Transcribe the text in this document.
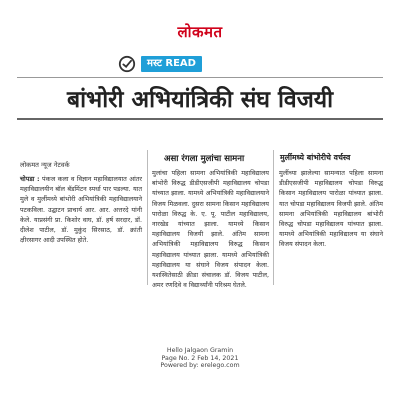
लोकमत
मस्ट READ
बांभोरी अभियांत्रिकी संघ विजयी
लोकमत न्यूज नेटवर्क
चोपडा : पंकज कला व विज्ञान महाविद्यालयात आंतर महाविद्यालयीन बॉल बॅडमिंटन स्पर्धा पार पडल्या. यात मुले व मुलींमध्ये बांभोरी अभियांत्रिकी महाविद्यालयाने पटकविला. उद्घाटन प्राचार्य आर. आर. अत्तरदे यांनी केले. याप्रसंगी प्रा. किशोर वाघ, डॉ. हर्ष सरदार, डॉ. दीलेश पाटील, डॉ. मुकुंद सिरसाठ, डॉ. क्रांती क्षीरसागर आदी उपस्थित होते.
असा रंगला मुलांचा सामना
मुलांचा पहिला सामना अभियांत्रिकी महाविद्यालय बांभोरी विरुद्ध डीडीएसजीपी महाविद्यालय चोपडा यांच्यात झाला. यामध्ये अभियांत्रिकी महाविद्यालयाने विजय मिळवला. दुसरा सामना किसान महाविद्यालय पारोळा विरुद्ध के. ए. पू. पाटील महाविद्यालय, नारखेड यांच्यात झाला. यामध्ये किसान महाविद्यालय विजयी झाले. अंतिम सामना अभियांत्रिकी महाविद्यालय विरुद्ध किसान महाविद्यालय यांच्यात झाला. यामध्ये अभियांत्रिकी महाविद्यालय या संघाने विजय संपादन केला. यशस्वितेसाठी क्रीडा संचालक डॉ. विजय पाटील, अमर रणदिवे व विद्यार्थ्यांनी परिश्रम घेतले.
मुलींमध्ये बांभोरीचे वर्चस्व
मुलींच्या झालेल्या सामन्यात पहिला सामना डीडीएसजीपी महाविद्यालय चोपडा विरुद्ध किसान महाविद्यालय पारोळा यांच्यात झाला. यात चोपडा महाविद्यालय विजयी झाले. अंतिम सामना अभियांत्रिकी महाविद्यालय बांभोरी विरुद्ध चोपडा महाविद्यालय यांच्यात झाला. यामध्ये अभियांत्रिकी महाविद्यालय या संघाने विजय संपादन केला.
Hello Jalgaon Gramin
Page No. 2 Feb 14, 2021
Powered by: erelego.com
